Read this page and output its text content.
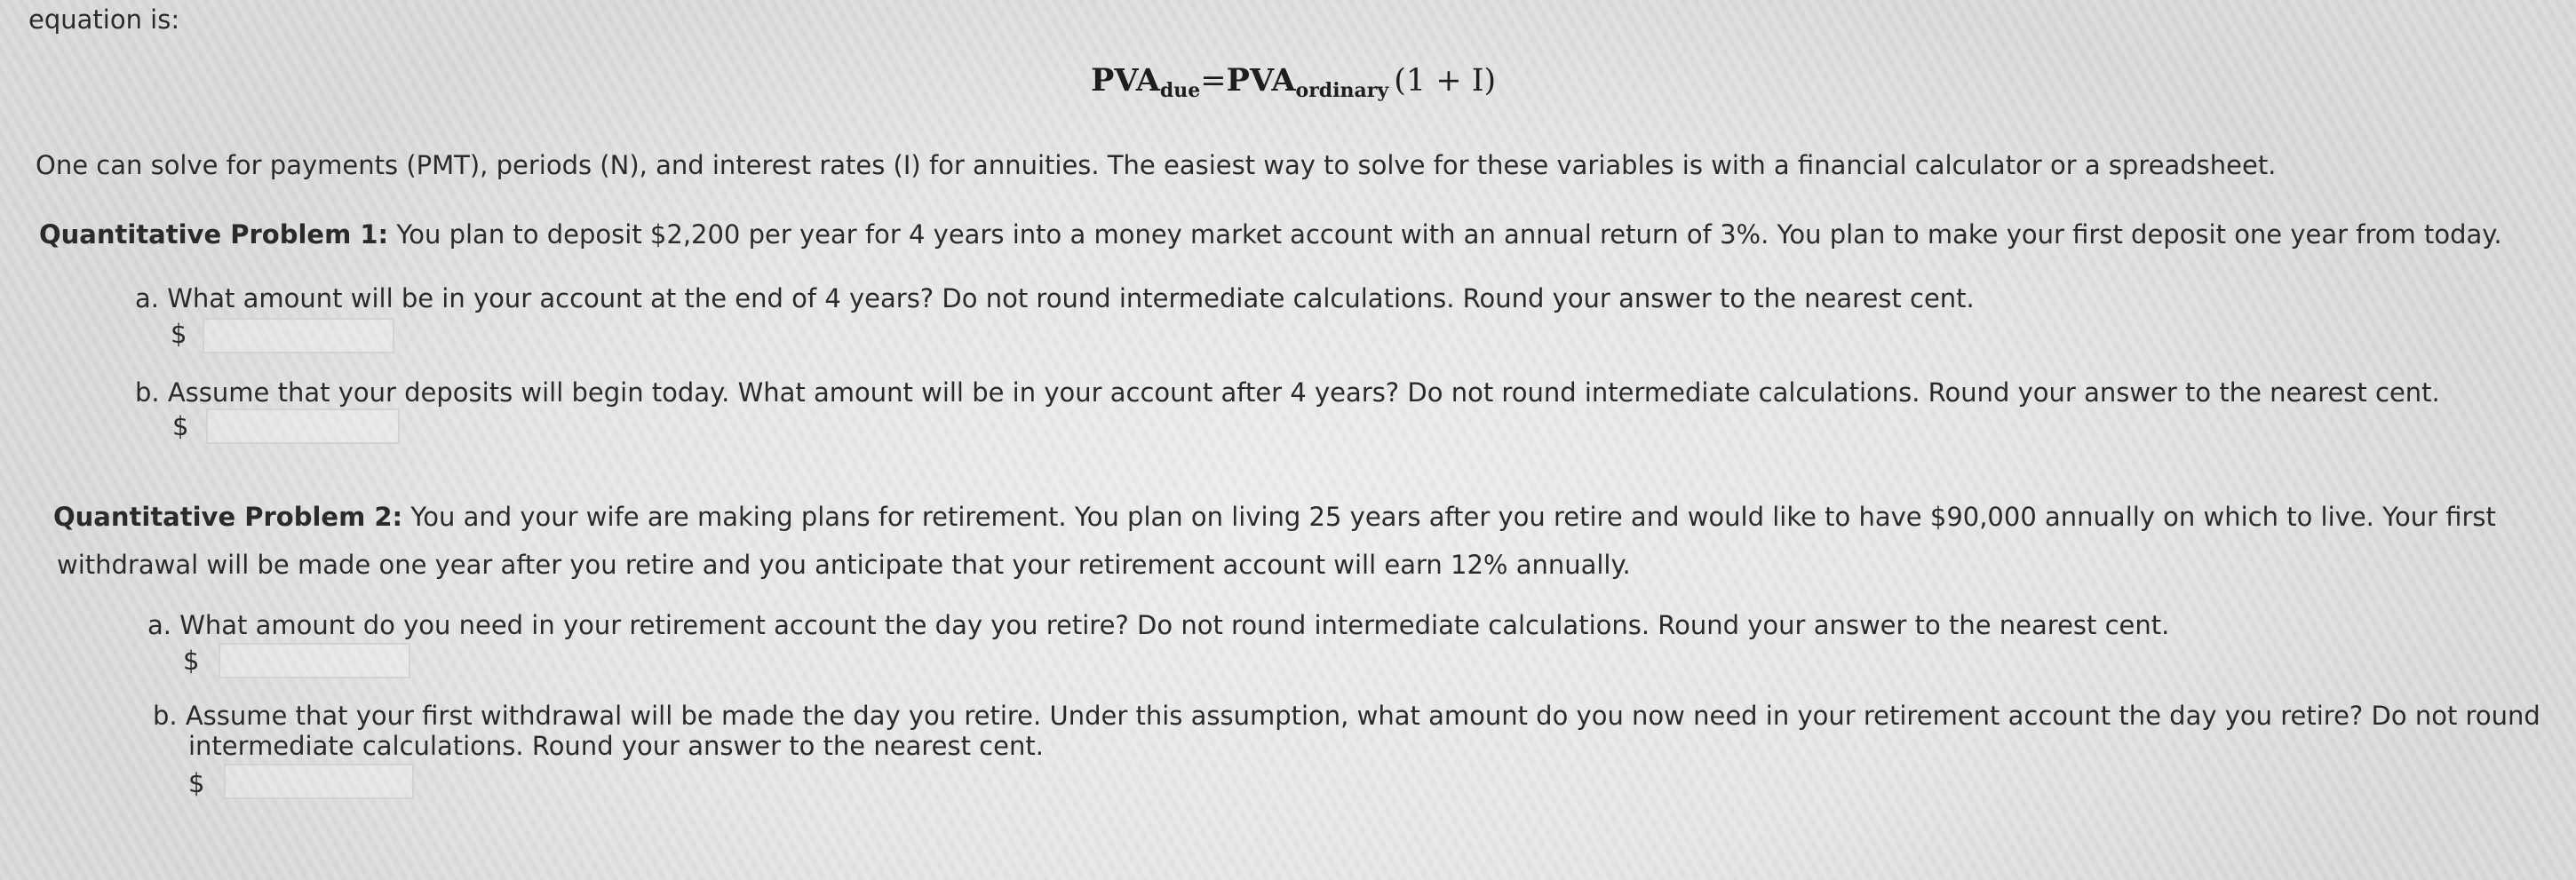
equation is:
$PVA_{due}=PVA_{ordinary}$ (1 + I)
One can solve for payments (PMT), periods (N), and interest rates (I) for annuities. The easiest way to solve for these variables is with a financial calculator or a spreadsheet.
Quantitative Problem 1: You plan to deposit $2,200 per year for 4 years into a money market account with an annual return of 3%. You plan to make your first deposit one year from today.
a. What amount will be in your account at the end of 4 years? Do not round intermediate calculations. Round your answer to the nearest cent.
$
b. Assume that your deposits will begin today. What amount will be in your account after 4 years? Do not round intermediate calculations. Round your answer to the nearest cent.
$
Quantitative Problem 2: You and your wife are making plans for retirement. You plan on living 25 years after you retire and would like to have $90,000 annually on which to live. Your first
withdrawal will be made one year after you retire and you anticipate that your retirement account will earn 12% annually.
a. What amount do you need in your retirement account the day you retire? Do not round intermediate calculations. Round your answer to the nearest cent.
$
b. Assume that your first withdrawal will be made the day you retire. Under this assumption, what amount do you now need in your retirement account the day you retire? Do not round
intermediate calculations. Round your answer to the nearest cent.
$
